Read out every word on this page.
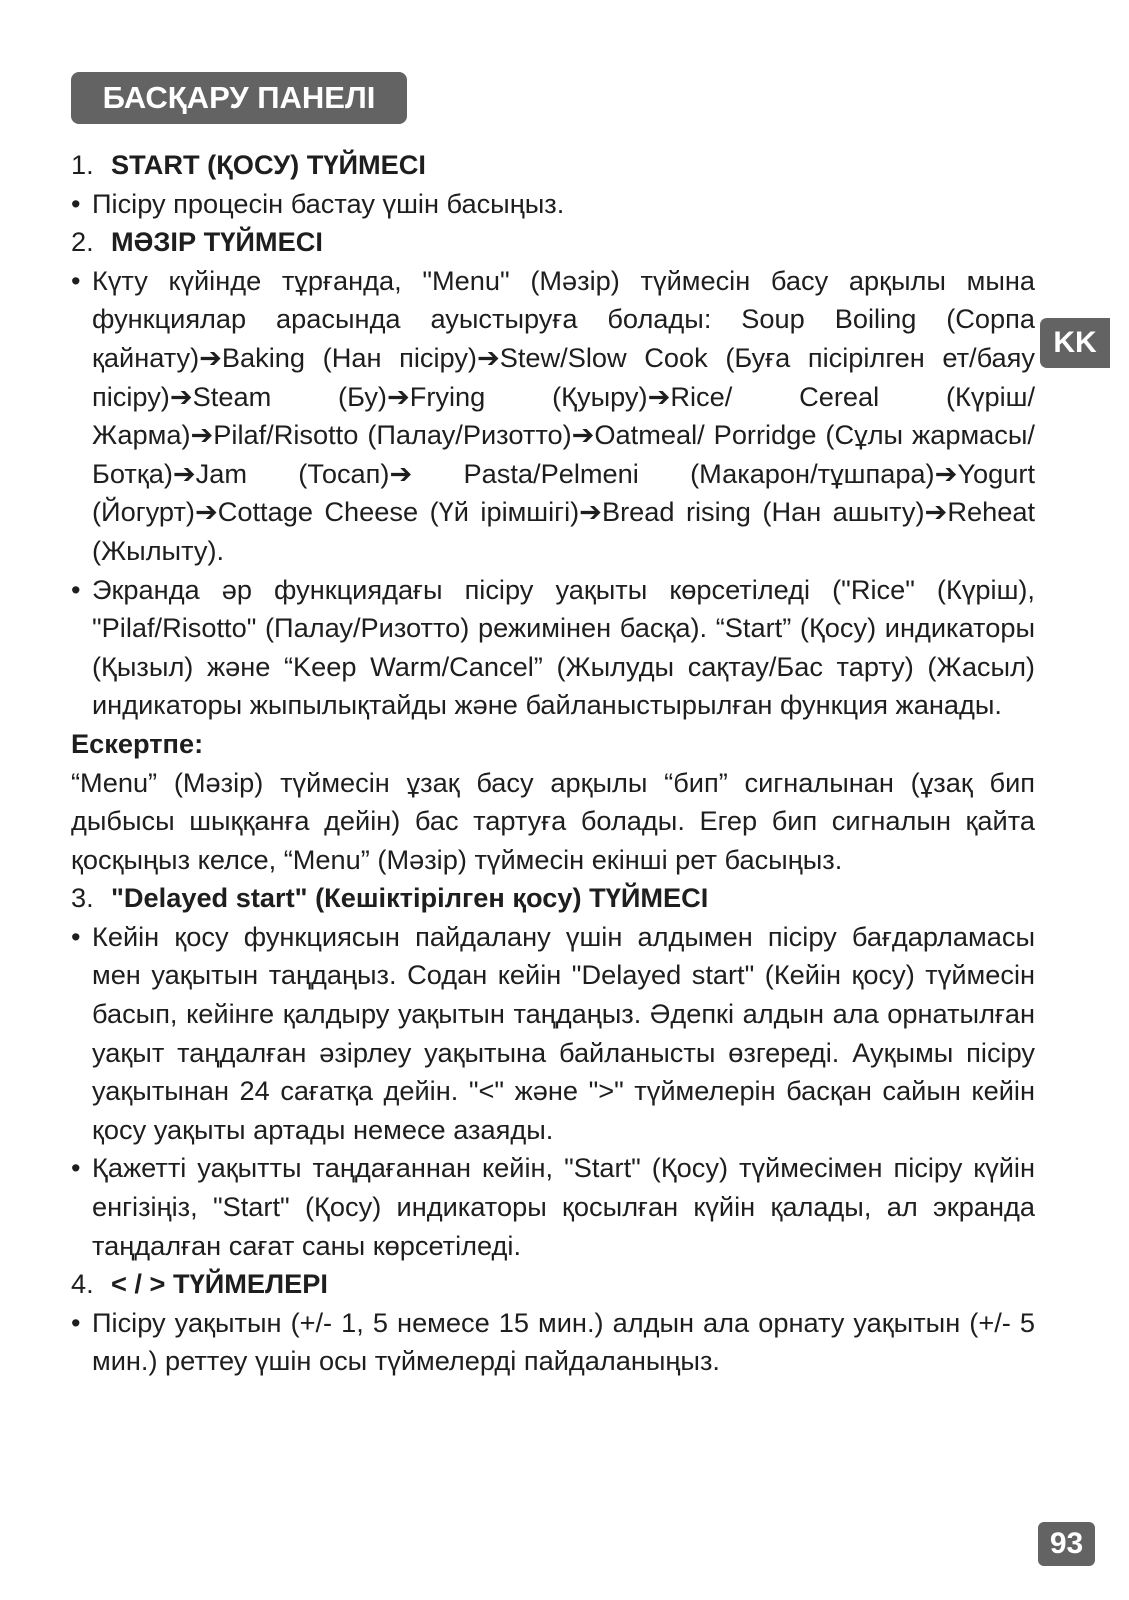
БАСҚАРУ ПАНЕЛІ
KK
1. START (ҚОСУ) ТҮЙМЕСІ
• Пісіру процесін бастау үшін басыңыз.
2. МӘЗІР ТҮЙМЕСІ
• Күту күйінде тұрғанда, "Menu" (Мәзір) түймесін басу арқылы мына функциялар арасында ауыстыруға болады: Soup Boiling (Сорпа қайнату)➔Baking (Нан пісіру)➔Stew/Slow Cook (Буға пісірілген ет/баяу пісіру)➔Steam (Бу)➔Frying (Қуыру)➔Rice/ Cereal (Күріш/Жарма)➔Pilaf/Risotto (Палау/Ризотто)➔Oatmeal/ Porridge (Сұлы жармасы/Ботқа)➔Jam (Тосап)➔ Pasta/Pelmeni (Макарон/тұшпара)➔Yogurt (Йогурт)➔Cottage Cheese (Үй ірімшігі)➔Bread rising (Нан ашыту)➔Reheat (Жылыту).
• Экранда әр функциядағы пісіру уақыты көрсетіледі ("Rice" (Күріш), "Pilaf/Risotto" (Палау/Ризотто) режимінен басқа). “Start” (Қосу) индикаторы (Қызыл) және “Keep Warm/Cancel” (Жылуды сақтау/Бас тарту) (Жасыл) индикаторы жыпылықтайды және байланыстырылған функция жанады.
Ескертпе:
“Menu” (Мәзір) түймесін ұзақ басу арқылы “бип” сигналынан (ұзақ бип дыбысы шыққанға дейін) бас тартуға болады. Егер бип сигналын қайта қосқыңыз келсе, “Menu” (Мәзір) түймесін екінші рет басыңыз.
3. "Delayed start" (Кешіктірілген қосу) ТҮЙМЕСІ
• Кейін қосу функциясын пайдалану үшін алдымен пісіру бағдарламасы мен уақытын таңдаңыз. Содан кейін "Delayed start" (Кейін қосу) түймесін басып, кейінге қалдыру уақытын таңдаңыз. Әдепкі алдын ала орнатылған уақыт таңдалған әзірлеу уақытына байланысты өзгереді. Ауқымы пісіру уақытынан 24 сағатқа дейін. "<" және ">" түймелерін басқан сайын кейін қосу уақыты артады немесе азаяды.
• Қажетті уақытты таңдағаннан кейін, "Start" (Қосу) түймесімен пісіру күйін енгізіңіз, "Start" (Қосу) индикаторы қосылған күйін қалады, ал экранда таңдалған сағат саны көрсетіледі.
4. < / > ТҮЙМЕЛЕРІ
• Пісіру уақытын (+/- 1, 5 немесе 15 мин.) алдын ала орнату уақытын (+/- 5 мин.) реттеу үшін осы түймелерді пайдаланыңыз.
93
